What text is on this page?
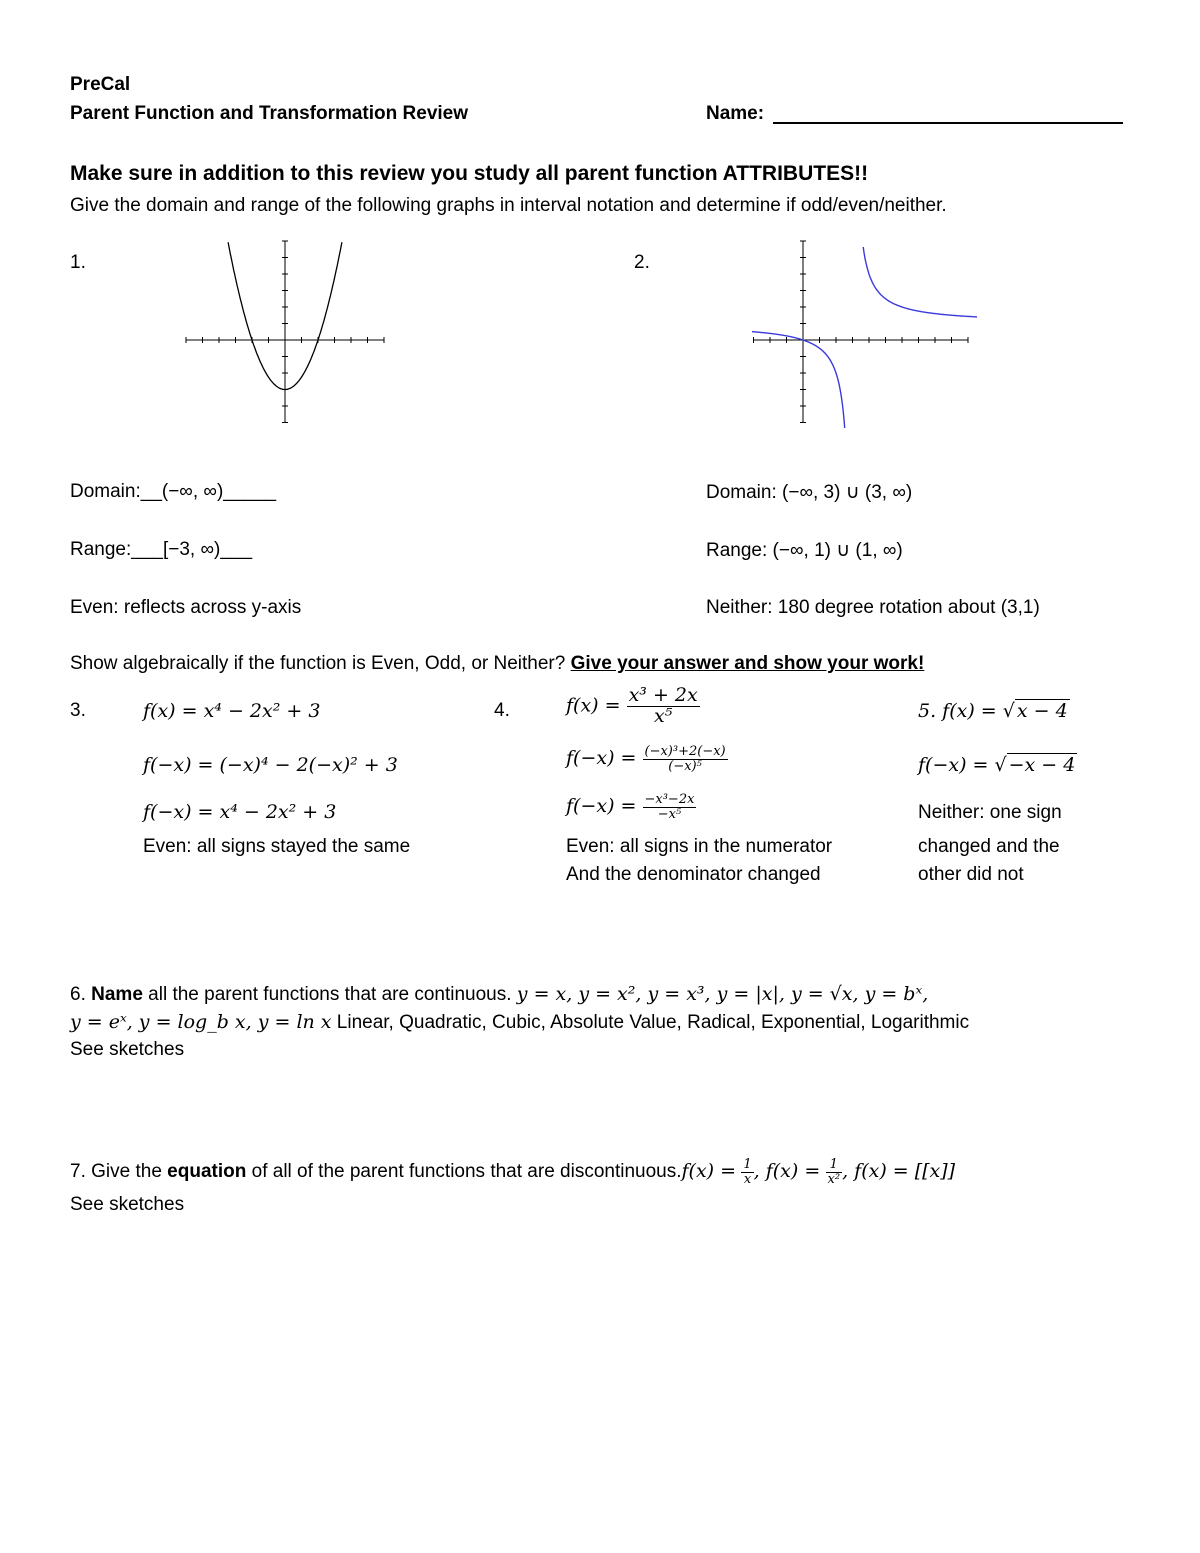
PreCal
Parent Function and Transformation Review	Name:
Make sure in addition to this review you study all parent function ATTRIBUTES!!
Give the domain and range of the following graphs in interval notation and determine if odd/even/neither.
1.	2.
Domain:__(−∞, ∞)_____
Range:___[−3, ∞)___
Even: reflects across y-axis
Domain: (−∞, 3) ∪ (3, ∞)
Range: (−∞, 1) ∪ (1, ∞)
Neither: 180 degree rotation about (3,1)
Show algebraically if the function is Even, Odd, or Neither? Give your answer and show your work!
3.	f(x) = x⁴ − 2x² + 3
f(−x) = (−x)⁴ − 2(−x)² + 3
f(−x) = x⁴ − 2x² + 3
Even: all signs stayed the same
4.	$f(x) = \frac{\text{x³ + 2x}}{\text{x⁵}}$
$f(-x) = \frac{\text{(−x)³+2(−x)}}{\text{(−x)⁵}}$
$f(-x) = \frac{\text{−x³−2x}}{\text{−x⁵}}$
Even: all signs in the numerator
And the denominator changed
5. f(x) = √ x − 4
f(−x) = √ −x − 4
Neither: one sign
changed and the
other did not
6. Name all the parent functions that are continuous. y = x, y = x², y = x³, y = |x|, y = √x, y = bˣ,
y = eˣ, y = log_b x, y = ln x Linear, Quadratic, Cubic, Absolute Value, Radical, Exponential, Logarithmic
See sketches
7. Give the equation of all of the parent functions that are discontinuous.f(x) = $\frac{1}{x}$ , $f(x) = \frac{1}{\text{x²}}$ , f(x) = [[x]]
See sketches
